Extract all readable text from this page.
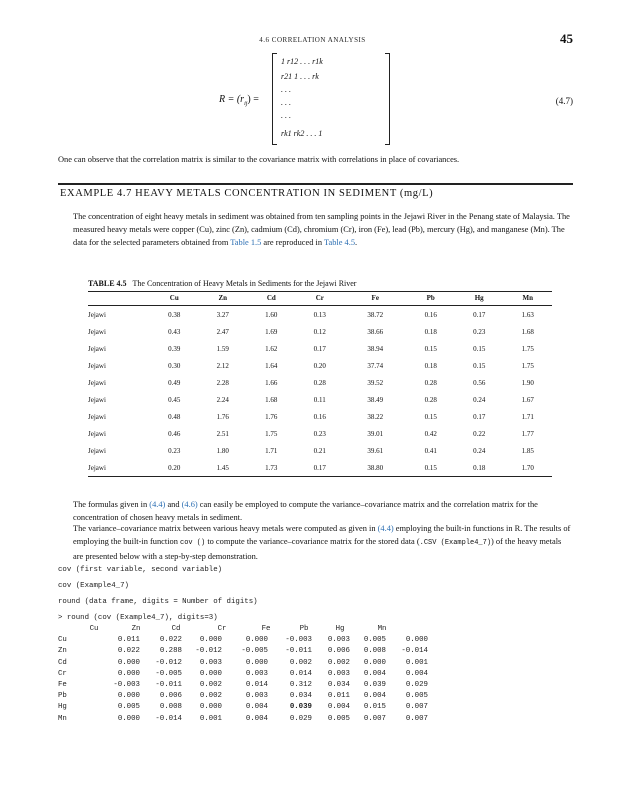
4.6 CORRELATION ANALYSIS	45
$R = (r_{ij})$ =
1 r12 . . . r1k
r21 1 . . . rk
. . .
. . .
. . .
rk1 rk2 . . . 1
(4.7)
One can observe that the correlation matrix is similar to the covariance matrix with correlations in place of covariances.
EXAMPLE 4.7 HEAVY METALS CONCENTRATION IN SEDIMENT (mg/L)
The concentration of eight heavy metals in sediment was obtained from ten sampling points in the Jejawi River in the Penang state of Malaysia. The measured heavy metals were copper (Cu), zinc (Zn), cadmium (Cd), chromium (Cr), iron (Fe), lead (Pb), mercury (Hg), and manganese (Mn). The data for the selected parameters obtained from Table 1.5 are reproduced in Table 4.5.
TABLE 4.5 The Concentration of Heavy Metals in Sediments for the Jejawi River
	Cu	Zn	Cd	Cr	Fe	Pb	Hg	Mn
Jejawi	0.38	3.27	1.60	0.13	38.72	0.16	0.17	1.63
Jejawi	0.43	2.47	1.69	0.12	38.66	0.18	0.23	1.68
Jejawi	0.39	1.59	1.62	0.17	38.94	0.15	0.15	1.75
Jejawi	0.30	2.12	1.64	0.20	37.74	0.18	0.15	1.75
Jejawi	0.49	2.28	1.66	0.28	39.52	0.28	0.56	1.90
Jejawi	0.45	2.24	1.68	0.11	38.49	0.28	0.24	1.67
Jejawi	0.48	1.76	1.76	0.16	38.22	0.15	0.17	1.71
Jejawi	0.46	2.51	1.75	0.23	39.01	0.42	0.22	1.77
Jejawi	0.23	1.80	1.71	0.21	39.61	0.41	0.24	1.85
Jejawi	0.20	1.45	1.73	0.17	38.80	0.15	0.18	1.70
The formulas given in (4.4) and (4.6) can easily be employed to compute the variance–covariance matrix and the correlation matrix for the concentration of chosen heavy metals in sediment.
The variance–covariance matrix between various heavy metals were computed as given in (4.4) employing the built-in functions in R. The results of employing the built-in function cov () to compute the variance–covariance matrix for the stored data (.CSV (Example4_7)) of the heavy metals are presented below with a step-by-step demonstration.
cov (first variable, second variable)
cov (Example4_7)
round (data frame, digits = Number of digits)
> round (cov (Example4_7), digits=3)
Cu	Zn	Cd	Cr	Fe	Pb	Hg	Mn
Cu	0.011	0.022	0.000	0.000	-0.003	0.003	0.005	0.000
Zn	0.022	0.288	-0.012	-0.005	-0.011	0.006	0.008	-0.014
Cd	0.000	-0.012	0.003	0.000	0.002	0.002	0.000	0.001
Cr	0.000	-0.005	0.000	0.003	0.014	0.003	0.004	0.004
Fe	-0.003	-0.011	0.002	0.014	0.312	0.034	0.039	0.029
Pb	0.000	0.006	0.002	0.003	0.034	0.011	0.004	0.005
Hg	0.005	0.008	0.000	0.004	0.039	0.004	0.015	0.007
Mn	0.000	-0.014	0.001	0.004	0.029	0.005	0.007	0.007
